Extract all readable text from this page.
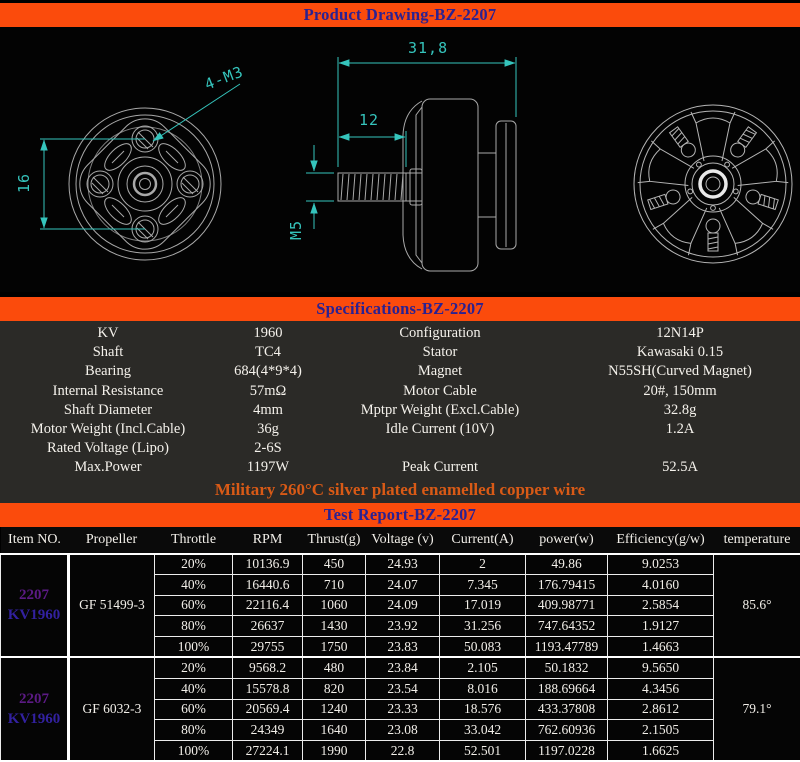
Product Drawing-BZ-2207
16
4-M3
31,8
12
M5
Specifications-BZ-2207
KV	1960	Configuration	12N14P
Shaft	TC4	Stator	Kawasaki 0.15
Bearing	684(4*9*4)	Magnet	N55SH(Curved Magnet)
Internal Resistance	57mΩ	Motor Cable	20#, 150mm
Shaft Diameter	4mm	Mptpr Weight (Excl.Cable)	32.8g
Motor Weight (Incl.Cable)	36g	Idle Current (10V)	1.2A
Rated Voltage (Lipo)	2-6S
Max.Power	1197W	Peak Current	52.5A
Military 260°C silver plated enamelled copper wire
Test Report-BZ-2207
Item NO.	Propeller	Throttle	RPM	Thrust(g)	Voltage (v)	Current(A)	power(w)	Efficiency(g/w)	temperature

2207
KV1960	GF 51499-3	20%	10136.9	450	24.93	2	49.86	9.0253	85.6°
		40%	16440.6	710	24.07	7.345	176.79415	4.0160	
		60%	22116.4	1060	24.09	17.019	409.98771	2.5854	
		80%	26637	1430	23.92	31.256	747.64352	1.9127	
		100%	29755	1750	23.83	50.083	1193.47789	1.4663	

2207
KV1960	GF 6032-3	20%	9568.2	480	23.84	2.105	50.1832	9.5650	79.1°
		40%	15578.8	820	23.54	8.016	188.69664	4.3456	
		60%	20569.4	1240	23.33	18.576	433.37808	2.8612	
		80%	24349	1640	23.08	33.042	762.60936	2.1505	
		100%	27224.1	1990	22.8	52.501	1197.0228	1.6625	
